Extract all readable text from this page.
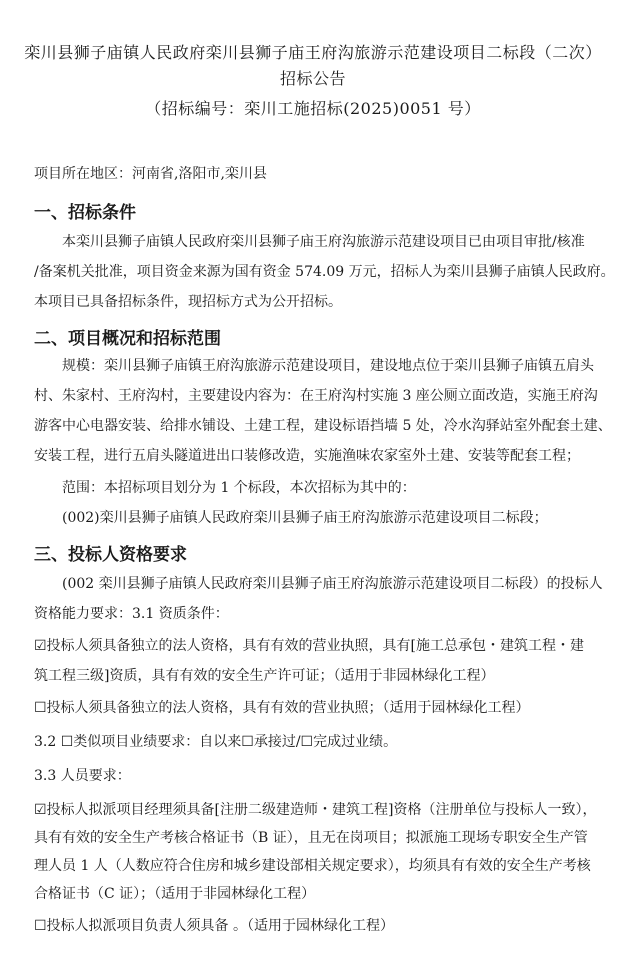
栾川县狮子庙镇人民政府栾川县狮子庙王府沟旅游示范建设项目二标段（二次）
招标公告
（招标编号：栾川工施招标(2025)0051 号）
项目所在地区：河南省,洛阳市,栾川县
一、招标条件
本栾川县狮子庙镇人民政府栾川县狮子庙王府沟旅游示范建设项目已由项目审批/核准
/备案机关批准，项目资金来源为国有资金 574.09 万元，招标人为栾川县狮子庙镇人民政府。
本项目已具备招标条件，现招标方式为公开招标。
二、项目概况和招标范围
规模：栾川县狮子庙镇王府沟旅游示范建设项目，建设地点位于栾川县狮子庙镇五肩头
村、朱家村、王府沟村，主要建设内容为：在王府沟村实施 3 座公厕立面改造，实施王府沟
游客中心电器安装、给排水铺设、土建工程，建设标语挡墙 5 处，冷水沟驿站室外配套土建、
安装工程，进行五肩头隧道进出口装修改造，实施渔味农家室外土建、安装等配套工程；
范围：本招标项目划分为 1 个标段，本次招标为其中的：
(002)栾川县狮子庙镇人民政府栾川县狮子庙王府沟旅游示范建设项目二标段；
三、投标人资格要求
(002 栾川县狮子庙镇人民政府栾川县狮子庙王府沟旅游示范建设项目二标段）的投标人
资格能力要求：3.1 资质条件：
☑投标人须具备独立的法人资格，具有有效的营业执照，具有[施工总承包・建筑工程・建
筑工程三级]资质，具有有效的安全生产许可证；（适用于非园林绿化工程）
☐投标人须具备独立的法人资格，具有有效的营业执照；（适用于园林绿化工程）
3.2 ☐类似项目业绩要求：自以来☐承接过/☐完成过业绩。
3.3 人员要求：
☑投标人拟派项目经理须具备[注册二级建造师・建筑工程]资格（注册单位与投标人一致），
具有有效的安全生产考核合格证书（B 证），且无在岗项目；拟派施工现场专职安全生产管
理人员 1 人（人数应符合住房和城乡建设部相关规定要求），均须具有有效的安全生产考核
合格证书（C 证）；（适用于非园林绿化工程）
☐投标人拟派项目负责人须具备 。（适用于园林绿化工程）
